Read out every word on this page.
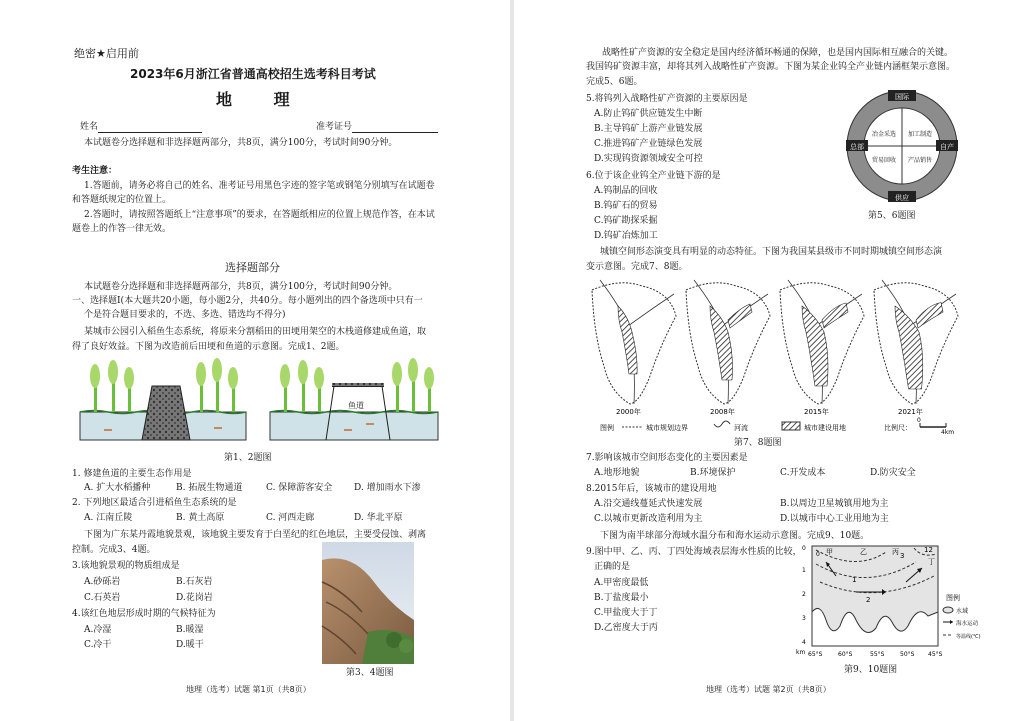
绝密★启用前
2023年6月浙江省普通高校招生选考科目考试
地 理
姓名	准考证号
本试题卷分选择题和非选择题两部分，共8页，满分100分，考试时间90分钟。
考生注意：
1.答题前，请务必将自己的姓名、准考证号用黑色字迹的签字笔或钢笔分别填写在试题卷
和答题纸规定的位置上。
2.答题时，请按照答题纸上“注意事项”的要求，在答题纸相应的位置上规范作答，在本试
题卷上的作答一律无效。
选择题部分
本试题卷分选择题和非选择题两部分，共8页，满分100分，考试时间90分钟。
一、选择题Ⅰ(本大题共20小题，每小题2分，共40分。每小题列出的四个备选项中只有一
个是符合题目要求的，不选、多选、错选均不得分)
某城市公园引入稻鱼生态系统，将原来分割稻田的田埂用架空的木栈道修建成鱼道，取
得了良好效益。下图为改造前后田埂和鱼道的示意图。完成1、2题。
鱼道
第1、2题图
1. 修建鱼道的主要生态作用是
A. 扩大水稻播种	B. 拓展生物通道	C. 保障游客安全 D. 增加雨水下渗
2. 下列地区最适合引进稻鱼生态系统的是
A. 江南丘陵	B. 黄土高原	C. 河西走廊	D. 华北平原
下图为广东某丹霞地貌景观，该地貌主要发育于白垩纪的红色地层，主要受侵蚀、剥离
控制。完成3、4题。
第3、4题图
3.该地貌景观的物质组成是
A.砂砾岩	B.石灰岩
C.石英岩	D.花岗岩
4.该红色地层形成时期的气候特征为
A.冷湿	B.暖湿
C.冷干	D.暖干
地理（选考）试题 第1页（共8页）
战略性矿产资源的安全稳定是国内经济循环畅通的保障，也是国内国际相互融合的关键。
我国钨矿资源丰富，却将其列入战略性矿产资源。下图为某企业钨全产业链内涵框架示意图。
完成5、6题。
5.将钨列入战略性矿产资源的主要原因是
A.防止钨矿供应链发生中断
B.主导钨矿上游产业链发展
C.推进钨矿产业链绿色发展
D.实现钨资源领域安全可控
6.位于该企业钨全产业链下游的是
A.钨制品的回收
B.钨矿石的贸易
C.钨矿勘探采掘
D.钨矿冶炼加工
国际
总部	自产
供应
冶金采选 加工制造
贸易回收 产品销售
第5、6题图
城镇空间形态演变具有明显的动态特征。下图为我国某县级市不同时期城镇空间形态演
变示意图。完成7、8题。
2000年	2008年	2015年	2021年
图例	城市规划边界	河流	城市建设用地	比例尺：
0
4km
第7、8题图
7.影响该城市空间形态变化的主要因素是
A.地形地貌	B.环境保护	C.开发成本	D.防灾安全
8.2015年后，该城市的建设用地
A.沿交通线蔓延式快速发展	B.以周边卫星城镇用地为主
C.以城市更新改造利用为主	D.以城市中心工业用地为主
下图为南半球部分海域水温分布和海水运动示意图。完成9、10题。
9.图中甲、乙、丙、丁四处海域表层海水性质的比较，
正确的是
A.甲密度最低
B.丁盐度最小
C.甲盐度大于丁
D.乙密度大于丙
1
2
3
12
0 甲	乙	丙
丁
0
1
2
3
4
km 65°S	60°S	55°S	50°S 45°S
图例
水域
海水运动
等温线(℃)
第9、10题图
地理（选考）试题 第2页（共8页）
